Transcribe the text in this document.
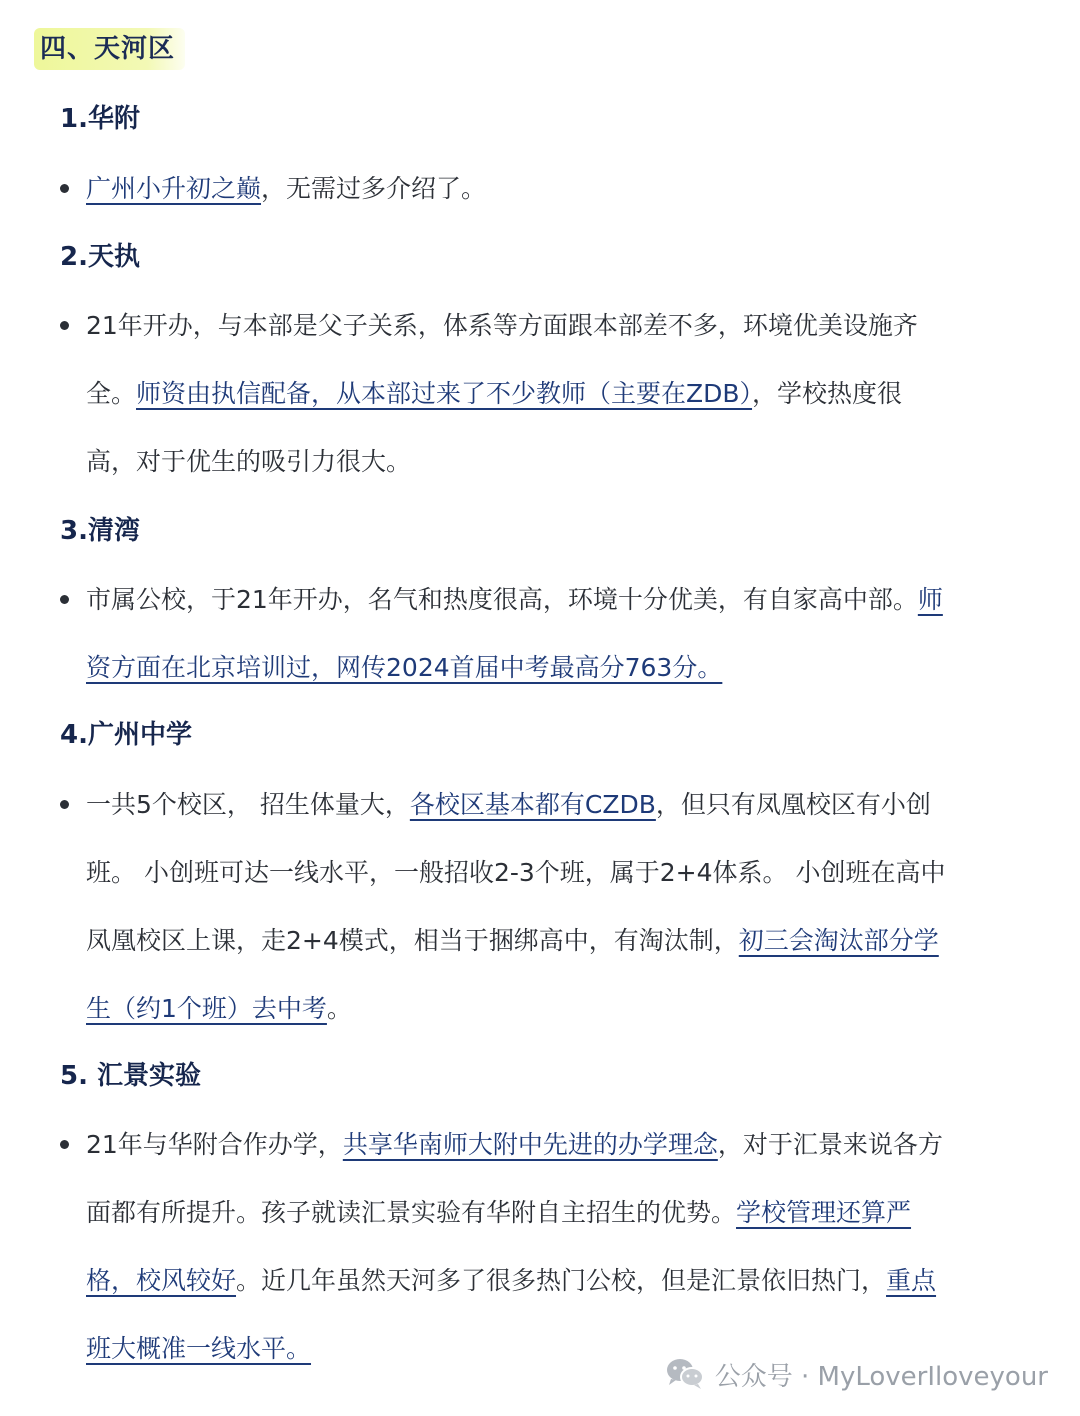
四、天河区
1.华附
广州小升初之巅，无需过多介绍了。
2.天执
21年开办，与本部是父子关系，体系等方面跟本部差不多，环境优美设施齐
全。师资由执信配备，从本部过来了不少教师（主要在ZDB），学校热度很
高，对于优生的吸引力很大。
3.清湾
市属公校，于21年开办，名气和热度很高，环境十分优美，有自家高中部。师
资方面在北京培训过，网传2024首届中考最高分763分。
4.广州中学
一共5个校区， 招生体量大，各校区基本都有CZDB，但只有凤凰校区有小创
班。 小创班可达一线水平，一般招收2-3个班，属于2+4体系。 小创班在高中
凤凰校区上课，走2+4模式，相当于捆绑高中，有淘汰制，初三会淘汰部分学
生（约1个班）去中考。
5. 汇景实验
21年与华附合作办学，共享华南师大附中先进的办学理念，对于汇景来说各方
面都有所提升。孩子就读汇景实验有华附自主招生的优势。学校管理还算严
格，校风较好。近几年虽然天河多了很多热门公校，但是汇景依旧热门，重点
班大概准一线水平。
公众号 · MyLoverIloveyour
